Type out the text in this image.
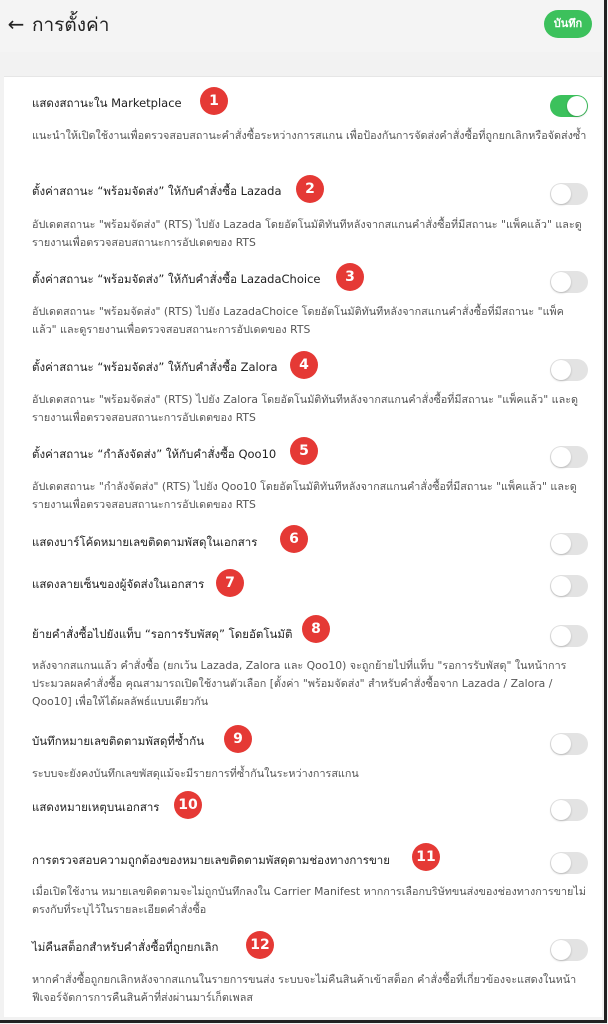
← การตั้งค่า	บันทึก
แสดงสถานะใน Marketplace	1
แนะนำให้เปิดใช้งานเพื่อตรวจสอบสถานะคำสั่งซื้อระหว่างการสแกน เพื่อป้องกันการจัดส่งคำสั่งซื้อที่ถูกยกเลิกหรือจัดส่งซ้ำ
ตั้งค่าสถานะ “พร้อมจัดส่ง” ให้กับคำสั่งซื้อ Lazada	2
อัปเดตสถานะ "พร้อมจัดส่ง" (RTS) ไปยัง Lazada โดยอัตโนมัติทันทีหลังจากสแกนคำสั่งซื้อที่มีสถานะ "แพ็คแล้ว" และดูรายงานเพื่อตรวจสอบสถานะการอัปเดตของ RTS
ตั้งค่าสถานะ “พร้อมจัดส่ง” ให้กับคำสั่งซื้อ LazadaChoice	3
อัปเดตสถานะ "พร้อมจัดส่ง" (RTS) ไปยัง LazadaChoice โดยอัตโนมัติทันทีหลังจากสแกนคำสั่งซื้อที่มีสถานะ "แพ็คแล้ว" และดูรายงานเพื่อตรวจสอบสถานะการอัปเดตของ RTS
ตั้งค่าสถานะ “พร้อมจัดส่ง” ให้กับคำสั่งซื้อ Zalora	4
อัปเดตสถานะ "พร้อมจัดส่ง" (RTS) ไปยัง Zalora โดยอัตโนมัติทันทีหลังจากสแกนคำสั่งซื้อที่มีสถานะ "แพ็คแล้ว" และดูรายงานเพื่อตรวจสอบสถานะการอัปเดตของ RTS
ตั้งค่าสถานะ “กำลังจัดส่ง” ให้กับคำสั่งซื้อ Qoo10	5
อัปเดตสถานะ "กำลังจัดส่ง" (RTS) ไปยัง Qoo10 โดยอัตโนมัติทันทีหลังจากสแกนคำสั่งซื้อที่มีสถานะ "แพ็คแล้ว" และดูรายงานเพื่อตรวจสอบสถานะการอัปเดตของ RTS
แสดงบาร์โค้ดหมายเลขติดตามพัสดุในเอกสาร	6
แสดงลายเซ็นของผู้จัดส่งในเอกสาร	7
ย้ายคำสั่งซื้อไปยังแท็บ “รอการรับพัสดุ” โดยอัตโนมัติ	8
หลังจากสแกนแล้ว คำสั่งซื้อ (ยกเว้น Lazada, Zalora และ Qoo10) จะถูกย้ายไปที่แท็บ "รอการรับพัสดุ" ในหน้าการประมวลผลคำสั่งซื้อ คุณสามารถเปิดใช้งานตัวเลือก [ตั้งค่า "พร้อมจัดส่ง" สำหรับคำสั่งซื้อจาก Lazada / Zalora / Qoo10] เพื่อให้ได้ผลลัพธ์แบบเดียวกัน
บันทึกหมายเลขติดตามพัสดุที่ซ้ำกัน	9
ระบบจะยังคงบันทึกเลขพัสดุแม้จะมีรายการที่ซ้ำกันในระหว่างการสแกน
แสดงหมายเหตุบนเอกสาร	10
การตรวจสอบความถูกต้องของหมายเลขติดตามพัสดุตามช่องทางการขาย	11
เมื่อเปิดใช้งาน หมายเลขติดตามจะไม่ถูกบันทึกลงใน Carrier Manifest หากการเลือกบริษัทขนส่งของช่องทางการขายไม่ตรงกับที่ระบุไว้ในรายละเอียดคำสั่งซื้อ
ไม่คืนสต็อกสำหรับคำสั่งซื้อที่ถูกยกเลิก	12
หากคำสั่งซื้อถูกยกเลิกหลังจากสแกนในรายการขนส่ง ระบบจะไม่คืนสินค้าเข้าสต็อก คำสั่งซื้อที่เกี่ยวข้องจะแสดงในหน้าฟีเจอร์จัดการการคืนสินค้าที่ส่งผ่านมาร์เก็ตเพลส
